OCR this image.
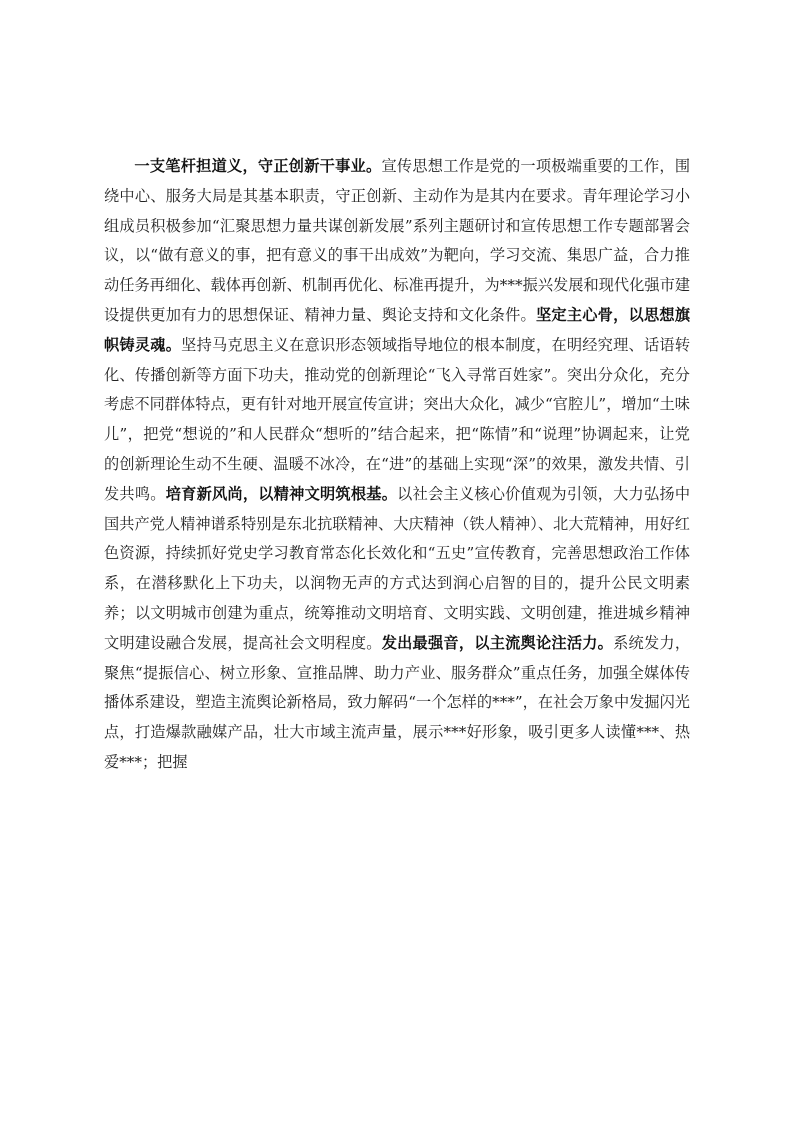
一支笔杆担道义，守正创新干事业。宣传思想工作是党的一项极端重要的工作，围绕中心、服务大局是其基本职责，守正创新、主动作为是其内在要求。青年理论学习小组成员积极参加“汇聚思想力量共谋创新发展”系列主题研讨和宣传思想工作专题部署会议，以“做有意义的事，把有意义的事干出成效”为靶向，学习交流、集思广益，合力推动任务再细化、载体再创新、机制再优化、标准再提升，为***振兴发展和现代化强市建设提供更加有力的思想保证、精神力量、舆论支持和文化条件。坚定主心骨，以思想旗帜铸灵魂。坚持马克思主义在意识形态领域指导地位的根本制度，在明经究理、话语转化、传播创新等方面下功夫，推动党的创新理论“飞入寻常百姓家”。突出分众化，充分考虑不同群体特点，更有针对地开展宣传宣讲；突出大众化，减少“官腔儿”，增加“土味儿”，把党“想说的”和人民群众“想听的”结合起来，把“陈情”和“说理”协调起来，让党的创新理论生动不生硬、温暖不冰冷，在“进”的基础上实现“深”的效果，激发共情、引发共鸣。培育新风尚，以精神文明筑根基。以社会主义核心价值观为引领，大力弘扬中国共产党人精神谱系特别是东北抗联精神、大庆精神（铁人精神）、北大荒精神，用好红色资源，持续抓好党史学习教育常态化长效化和“五史”宣传教育，完善思想政治工作体系，在潜移默化上下功夫，以润物无声的方式达到润心启智的目的，提升公民文明素养；以文明城市创建为重点，统筹推动文明培育、文明实践、文明创建，推进城乡精神文明建设融合发展，提高社会文明程度。发出最强音，以主流舆论注活力。系统发力，聚焦“提振信心、树立形象、宣推品牌、助力产业、服务群众”重点任务，加强全媒体传播体系建设，塑造主流舆论新格局，致力解码“一个怎样的***”，在社会万象中发掘闪光点，打造爆款融媒产品，壮大市域主流声量，展示***好形象，吸引更多人读懂***、热爱***；把握
